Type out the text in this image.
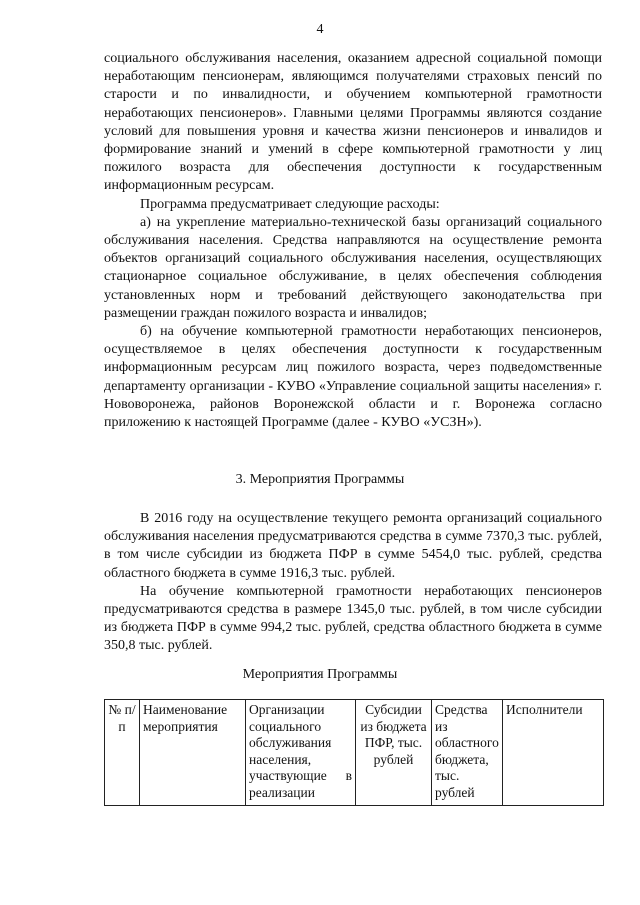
4

социального обслуживания населения, оказанием адресной социальной помощи неработающим пенсионерам, являющимся получателями страховых пенсий по старости и по инвалидности, и обучением компьютерной грамотности неработающих пенсионеров». Главными целями Программы являются создание условий для повышения уровня и качества жизни пенсионеров и инвалидов и формирование знаний и умений в сфере компьютерной грамотности у лиц пожилого возраста для обеспечения доступности к государственным информационным ресурсам.

Программа предусматривает следующие расходы:

а) на укрепление материально-технической базы организаций социального обслуживания населения. Средства направляются на осуществление ремонта объектов организаций социального обслуживания населения, осуществляющих стационарное социальное обслуживание, в целях обеспечения соблюдения установленных норм и требований действующего законодательства при размещении граждан пожилого возраста и инвалидов;

б) на обучение компьютерной грамотности неработающих пенсионеров, осуществляемое в целях обеспечения доступности к государственным информационным ресурсам лиц пожилого возраста, через подведомственные департаменту организации - КУВО «Управление социальной защиты населения» г. Нововоронежа, районов Воронежской области и г. Воронежа согласно приложению к настоящей Программе (далее - КУВО «УСЗН»).

3. Мероприятия Программы

В 2016 году на осуществление текущего ремонта организаций социального обслуживания населения предусматриваются средства в сумме 7370,3 тыс. рублей, в том числе субсидии из бюджета ПФР в сумме 5454,0 тыс. рублей, средства областного бюджета в сумме 1916,3 тыс. рублей.

На обучение компьютерной грамотности неработающих пенсионеров предусматриваются средства в размере 1345,0 тыс. рублей, в том числе субсидии из бюджета ПФР в сумме 994,2 тыс. рублей, средства областного бюджета в сумме 350,8 тыс. рублей.

Мероприятия Программы
№ п/п	Наименование мероприятия	Организации социального обслуживания населения, участвующие в реализации	Субсидии из бюджета ПФР, тыс. рублей	Средства из областного бюджета, тыс. рублей	Исполнители
